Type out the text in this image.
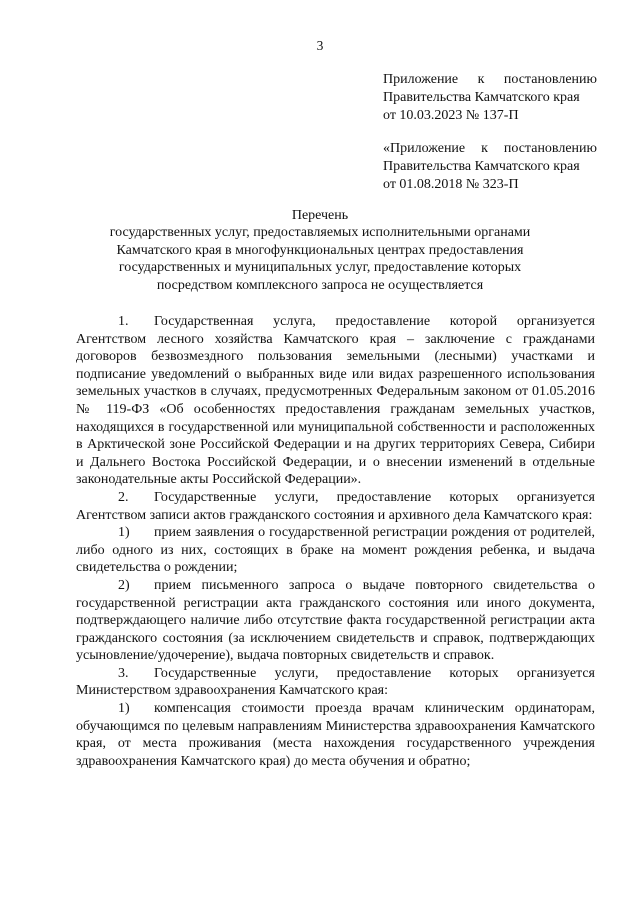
3
Приложение к постановлению
Правительства Камчатского края
от 10.03.2023 № 137-П
«Приложение к постановлению
Правительства Камчатского края
от 01.08.2018 № 323-П
Перечень
государственных услуг, предоставляемых исполнительными органами
Камчатского края в многофункциональных центрах предоставления
государственных и муниципальных услуг, предоставление которых
посредством комплексного запроса не осуществляется

1. Государственная услуга, предоставление которой организуется Агентством лесного хозяйства Камчатского края – заключение с гражданами договоров безвозмездного пользования земельными (лесными) участками и подписание уведомлений о выбранных виде или видах разрешенного использования земельных участков в случаях, предусмотренных Федеральным законом от 01.05.2016 № 119-ФЗ «Об особенностях предоставления гражданам земельных участков, находящихся в государственной или муниципальной собственности и расположенных в Арктической зоне Российской Федерации и на других территориях Севера, Сибири и Дальнего Востока Российской Федерации, и о внесении изменений в отдельные законодательные акты Российской Федерации».

2. Государственные услуги, предоставление которых организуется Агентством записи актов гражданского состояния и архивного дела Камчатского края:

1) прием заявления о государственной регистрации рождения от родителей, либо одного из них, состоящих в браке на момент рождения ребенка, и выдача свидетельства о рождении;

2) прием письменного запроса о выдаче повторного свидетельства о государственной регистрации акта гражданского состояния или иного документа, подтверждающего наличие либо отсутствие факта государственной регистрации акта гражданского состояния (за исключением свидетельств и справок, подтверждающих усыновление/удочерение), выдача повторных свидетельств и справок.

3. Государственные услуги, предоставление которых организуется Министерством здравоохранения Камчатского края:

1) компенсация стоимости проезда врачам клиническим ординаторам, обучающимся по целевым направлениям Министерства здравоохранения Камчатского края, от места проживания (места нахождения государственного учреждения здравоохранения Камчатского края) до места обучения и обратно;
